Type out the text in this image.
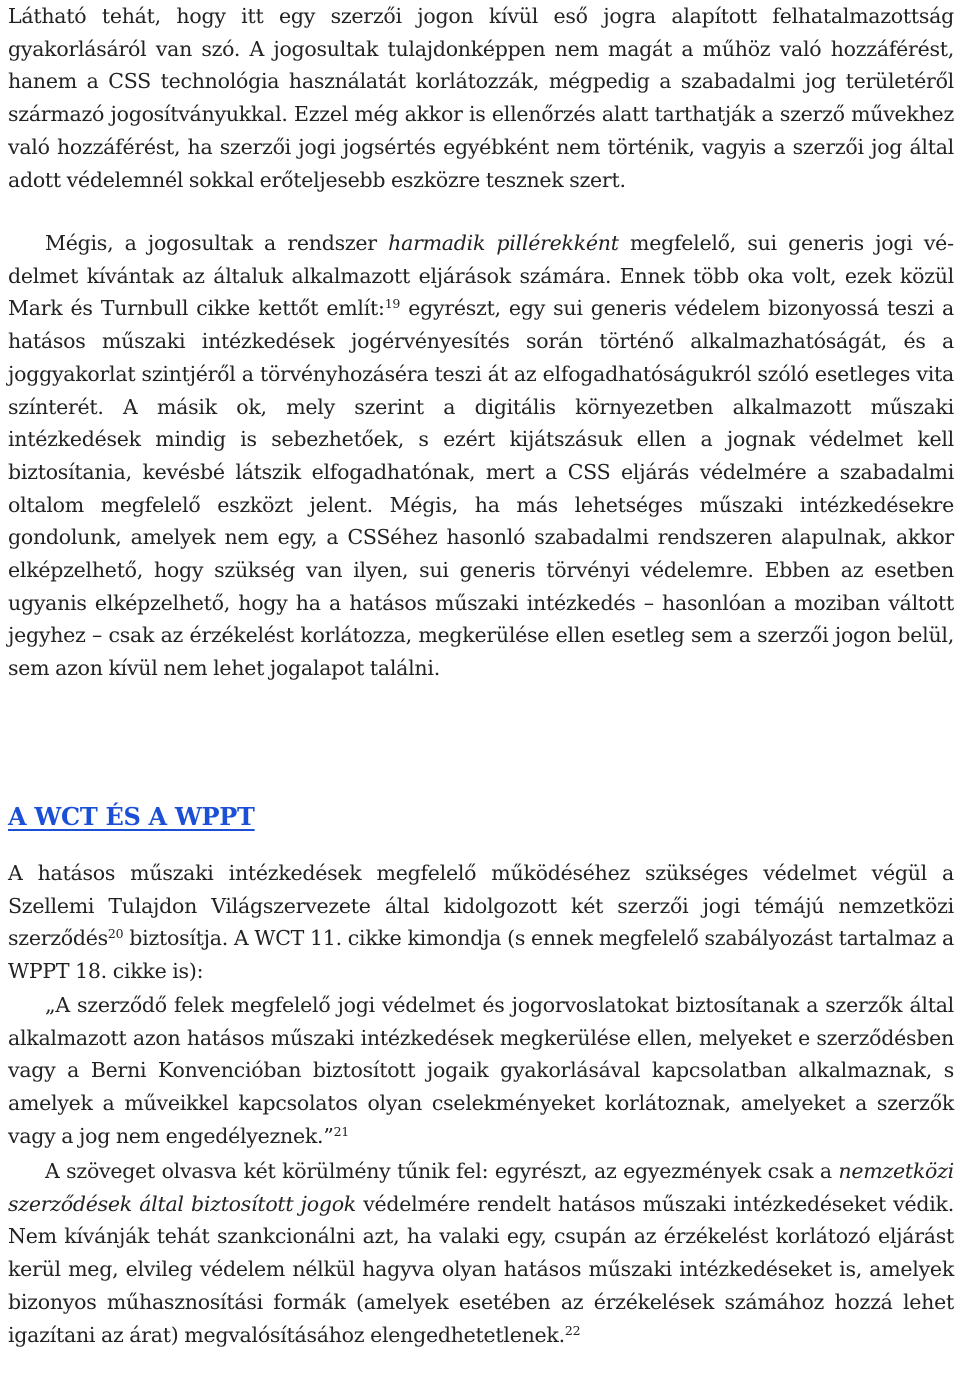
Látható tehát, hogy itt egy szerzői jogon kívül eső jogra alapított felhatalmazottság gyakorlásáról van szó. A jogosultak tulajdonképpen nem magát a műhöz való hozzáférést, hanem a CSS technológia használatát korlátozzák, mégpedig a szabadalmi jog területéről származó jogosítványukkal. Ezzel még akkor is ellenőrzés alatt tarthatják a szerző művekhez való hozzáférést, ha szerzői jogi jogsértés egyébként nem történik, vagyis a szerzői jog által adott védelemnél sokkal erőteljesebb eszközre tesznek szert.

Mégis, a jogosultak a rendszer harmadik pillérekként megfelelő, sui generis jogi védelmet kívántak az általuk alkalmazott eljárások számára. Ennek több oka volt, ezek közül Mark és Turnbull cikke kettőt említ:$^{19}$ egyrészt, egy sui generis védelem bizonyossá teszi a hatásos műszaki intézkedések jogérvényesítés során történő alkalmazhatóságát, és a joggyakorlat szintjéről a törvényhozáséra teszi át az elfogadhatóságukról szóló esetleges vita színterét. A másik ok, mely szerint a digitális környezetben alkalmazott műszaki intézkedések mindig is sebezhetőek, s ezért kijátszásuk ellen a jognak védelmet kell biztosítania, kevésbé látszik elfogadhatónak, mert a CSS eljárás védelmére a szabadalmi oltalom megfelelő eszközt jelent. Mégis, ha más lehetséges műszaki intézkedésekre gondolunk, amelyek nem egy, a CSSéhez hasonló szabadalmi rendszeren alapulnak, akkor elképzelhető, hogy szükség van ilyen, sui generis törvényi védelemre. Ebben az esetben ugyanis elképzelhető, hogy ha a hatásos műszaki intézkedés – hasonlóan a moziban váltott jegyhez – csak az érzékelést korlátozza, megkerülése ellen esetleg sem a szerzői jogon belül, sem azon kívül nem lehet jogalapot találni.

A WCT ÉS A WPPT

A hatásos műszaki intézkedések megfelelő működéséhez szükséges védelmet végül a Szellemi Tulajdon Világszervezete által kidolgozott két szerzői jogi témájú nemzetközi szerződés$^{20}$ biztosítja. A WCT 11. cikke kimondja (s ennek megfelelő szabályozást tartalmaz a WPPT 18. cikke is):

„A szerződő felek megfelelő jogi védelmet és jogorvoslatokat biztosítanak a szerzők által alkalmazott azon hatásos műszaki intézkedések megkerülése ellen, melyeket e szerződésben vagy a Berni Konvencióban biztosított jogaik gyakorlásával kapcsolatban alkalmaznak, s amelyek a műveikkel kapcsolatos olyan cselekményeket korlátoznak, amelyeket a szerzők vagy a jog nem engedélyeznek.”$^{21}$

A szöveget olvasva két körülmény tűnik fel: egyrészt, az egyezmények csak a nemzetközi szerződések által biztosított jogok védelmére rendelt hatásos műszaki intézkedéseket védik. Nem kívánják tehát szankcionálni azt, ha valaki egy, csupán az érzékelést korlátozó eljárást kerül meg, elvileg védelem nélkül hagyva olyan hatásos műszaki intézkedéseket is, amelyek bizonyos műhasznosítási formák (amelyek esetében az érzékelések számához hozzá lehet igazítani az árat) megvalósításához elengedhetetlenek.$^{22}$
